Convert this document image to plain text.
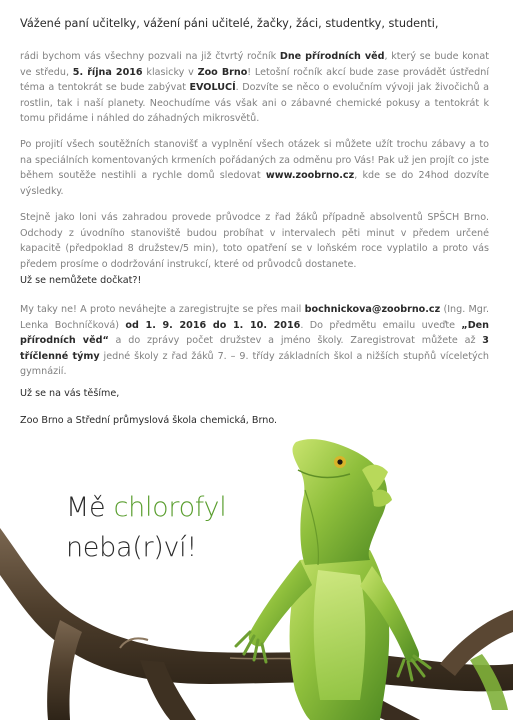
Vážené paní učitelky, vážení páni učitelé, žačky, žáci, studentky, studenti,
rádi bychom vás všechny pozvali na již čtvrtý ročník Dne přírodních věd, který se bude konat ve středu, 5. října 2016 klasicky v Zoo Brno! Letošní ročník akcí bude zase provádět ústřední téma a tentokrát se bude zabývat EVOLUCÍ. Dozvíte se něco o evolučním vývoji jak živočichů a rostlin, tak i naší planety. Neochudíme vás však ani o zábavné chemické pokusy a tentokrát k tomu přidáme i náhled do záhadných mikrosvětů.
Po projití všech soutěžních stanovišť a vyplnění všech otázek si můžete užít trochu zábavy a to na speciálních komentovaných krmeních pořádaných za odměnu pro Vás! Pak už jen projít co jste během soutěže nestihli a rychle domů sledovat www.zoobrno.cz, kde se do 24hod dozvíte výsledky.
Stejně jako loni vás zahradou provede průvodce z řad žáků případně absolventů SPŠCH Brno. Odchody z úvodního stanoviště budou probíhat v intervalech pěti minut v předem určené kapacitě (předpoklad 8 družstev/5 min), toto opatření se v loňském roce vyplatilo a proto vás předem prosíme o dodržování instrukcí, které od průvodců dostanete.
Už se nemůžete dočkat?!
My taky ne! A proto neváhejte a zaregistrujte se přes mail bochnickova@zoobrno.cz (Ing. Mgr. Lenka Bochníčková) od 1. 9. 2016 do 1. 10. 2016. Do předmětu emailu uveďte „Den přírodních věd“ a do zprávy počet družstev a jméno školy. Zaregistrovat můžete až 3 tříčlenné týmy jedné školy z řad žáků 7. – 9. třídy základních škol a nižších stupňů víceletých gymnázií.
Už se na vás těšíme,
Zoo Brno a Střední průmyslová škola chemická, Brno.
Mě chlorofyl
neba(r)ví!
